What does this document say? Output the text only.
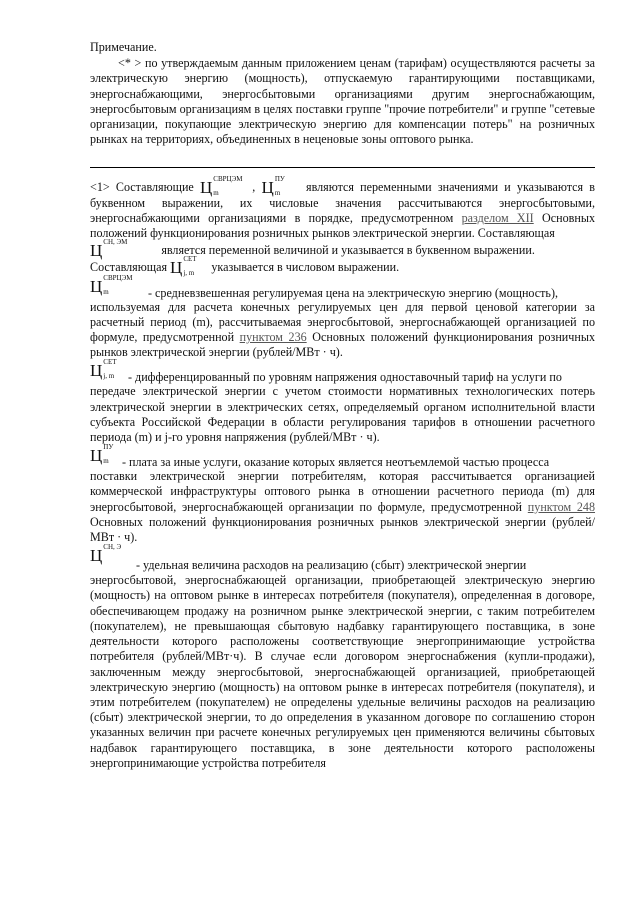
Примечание.

<* > по утверждаемым данным приложением ценам (тарифам) осуществляются расчеты за электрическую энергию (мощность), отпускаемую гарантирующими поставщиками, энергоснабжающими, энергосбытовыми организациями другим энергоснабжающим, энергосбытовым организациям в целях поставки группе "прочие потребители" и группе "сетевые организации, покупающие электрическую энергию для компенсации потерь" на розничных рынках на территориях, объединенных в неценовые зоны оптового рынка.

<1> Составляющие Ц СВРЦЭМ
m	, Ц ПУ
m являются переменными значениями и указываются в буквенном выражении, их числовые значения рассчитываются энергосбытовыми, энергоснабжающими организациями в порядке, предусмотренном разделом XII Основных положений функционирования розничных рынков электрической энергии. Составляющая

Ц СН, ЭМ
является переменной величиной и указывается в буквенном выражении.

Составляющая Ц СЕТ
j, m указывается в числовом выражении.

Ц СВРЦЭМ
m	- средневзвешенная регулируемая цена на электрическую энергию (мощность),

используемая для расчета конечных регулируемых цен для первой ценовой категории за расчетный период (m), рассчитываемая энергосбытовой, энергоснабжающей организацией по формуле, предусмотренной пунктом 236 Основных положений функционирования розничных рынков электрической энергии (рублей/МВт · ч).

Ц СЕТ
j, m - дифференцированный по уровням напряжения одноставочный тариф на услуги по

передаче электрической энергии с учетом стоимости нормативных технологических потерь электрической энергии в электрических сетях, определяемый органом исполнительной власти субъекта Российской Федерации в области регулирования тарифов в отношении расчетного периода (m) и j-го уровня напряжения (рублей/МВт · ч).

Ц ПУ
m - плата за иные услуги, оказание которых является неотъемлемой частью процесса

поставки электрической энергии потребителям, которая рассчитывается организацией коммерческой инфраструктуры оптового рынка в отношении расчетного периода (m) для энергосбытовой, энергоснабжающей организации по формуле, предусмотренной пунктом 248 Основных положений функционирования розничных рынков электрической энергии (рублей/МВт · ч).

Ц СН, Э
- удельная величина расходов на реализацию (сбыт) электрической энергии

энергосбытовой, энергоснабжающей организации, приобретающей электрическую энергию (мощность) на оптовом рынке в интересах потребителя (покупателя), определенная в договоре, обеспечивающем продажу на розничном рынке электрической энергии, с таким потребителем (покупателем), не превышающая сбытовую надбавку гарантирующего поставщика, в зоне деятельности которого расположены соответствующие энергопринимающие устройства потребителя (рублей/МВт·ч). В случае если договором энергоснабжения (купли-продажи), заключенным между энергосбытовой, энергоснабжающей организацией, приобретающей электрическую энергию (мощность) на оптовом рынке в интересах потребителя (покупателя), и этим потребителем (покупателем) не определены удельные величины расходов на реализацию (сбыт) электрической энергии, то до определения в указанном договоре по соглашению сторон указанных величин при расчете конечных регулируемых цен применяются величины сбытовых надбавок гарантирующего поставщика, в зоне деятельности которого расположены энергопринимающие устройства потребителя
